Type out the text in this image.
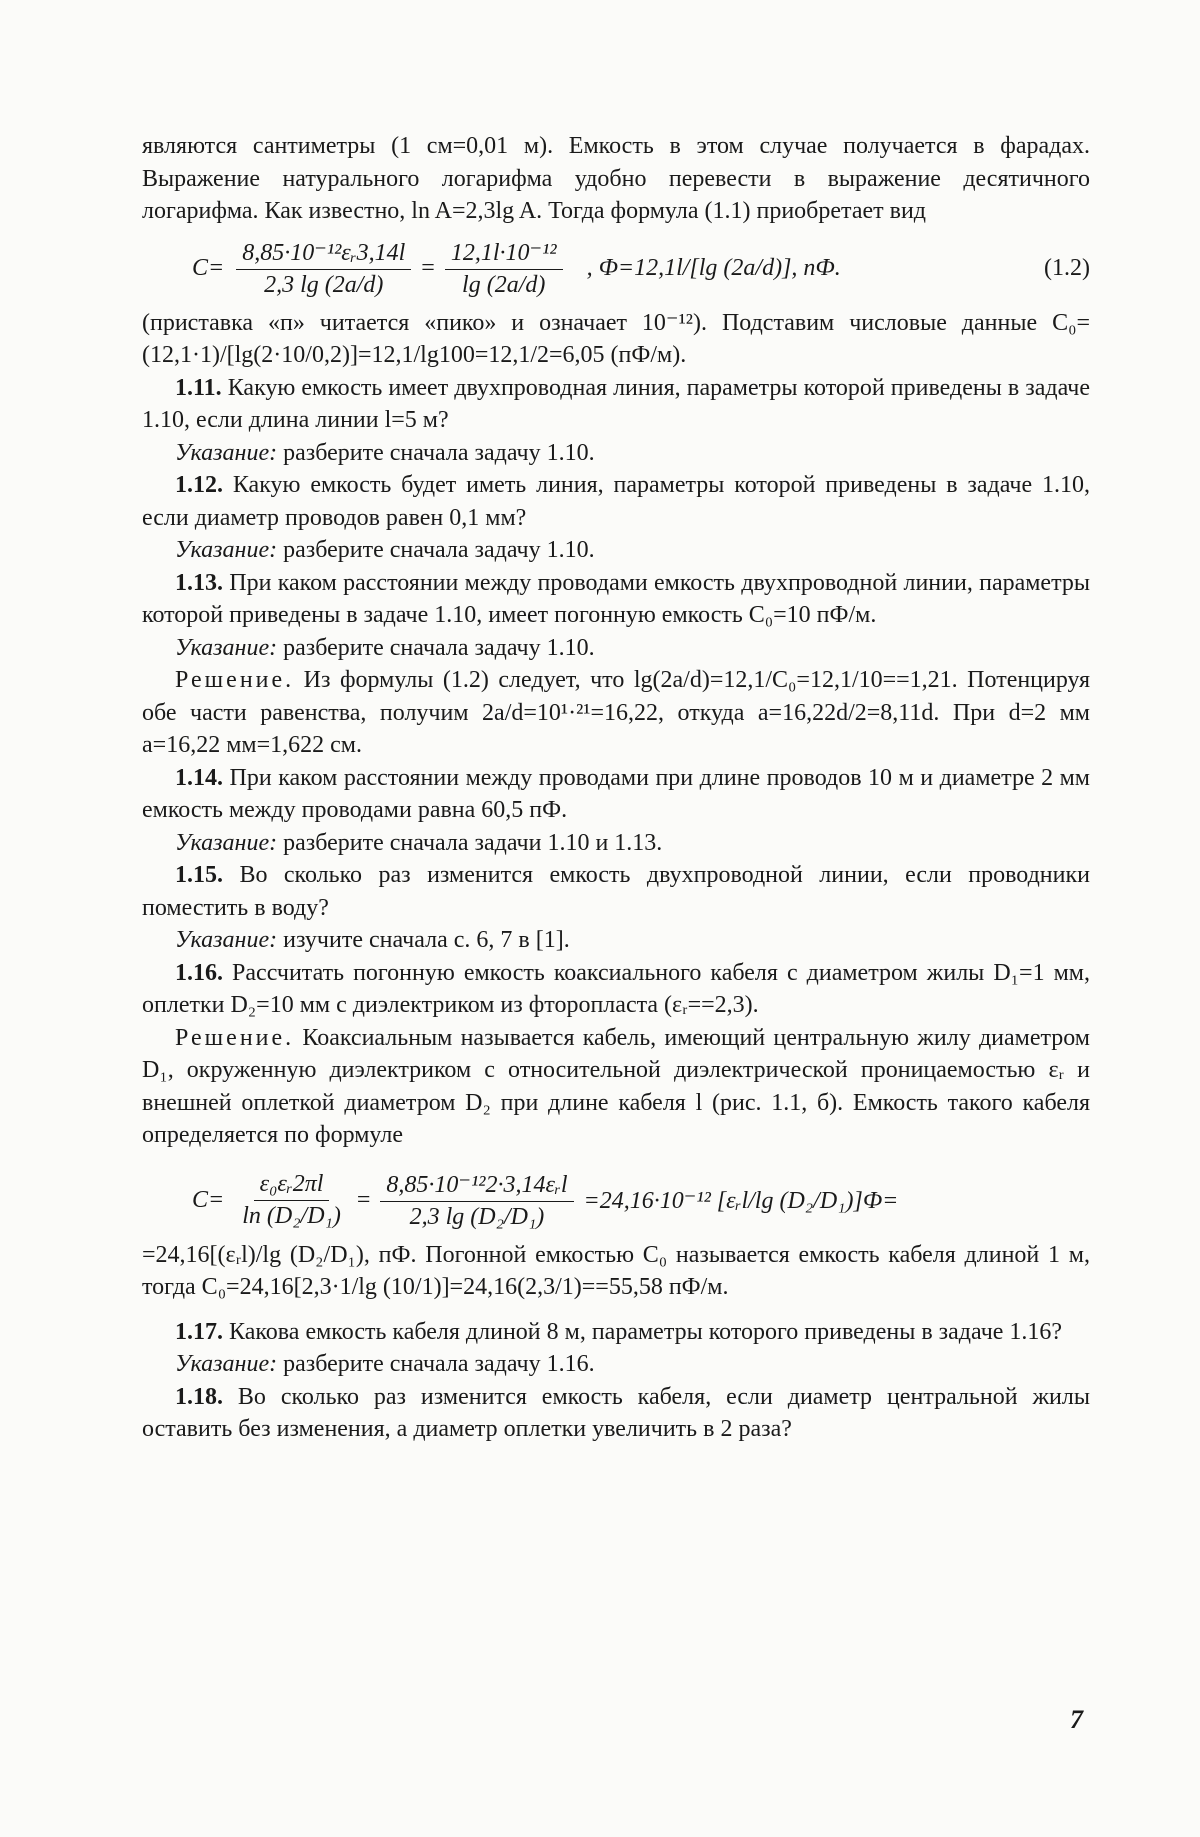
являются сантиметры (1 см=0,01 м). Емкость в этом случае получается в фарадах. Выражение натурального логарифма удобно перевести в выражение десятичного логарифма. Как известно, ln A=2,3lg A. Тогда формула (1.1) приобретает вид

$C= \frac{\text{8,85·10⁻¹²εᵣ3,14l}}{2,3 \lg (2a/d)} = \frac{\text{12,1l·10⁻¹²}}{\lg (2a/d)}$ , Ф=12,1l/[lg (2a/d)], пФ.	(1.2)

(приставка «п» читается «пико» и означает 10⁻¹²). Подставим числовые данные C₀=(12,1·1)/[lg(2·10/0,2)]=12,1/lg100=12,1/2=6,05 (пФ/м).

1.11. Какую емкость имеет двухпроводная линия, параметры которой приведены в задаче 1.10, если длина линии l=5 м?

Указание: разберите сначала задачу 1.10.

1.12. Какую емкость будет иметь линия, параметры которой приведены в задаче 1.10, если диаметр проводов равен 0,1 мм?

Указание: разберите сначала задачу 1.10.

1.13. При каком расстоянии между проводами емкость двухпроводной линии, параметры которой приведены в задаче 1.10, имеет погонную емкость C₀=10 пФ/м.

Указание: разберите сначала задачу 1.10.

Решение. Из формулы (1.2) следует, что lg(2a/d)=12,1/C₀=12,1/10==1,21. Потенцируя обе части равенства, получим 2a/d=10¹·²¹=16,22, откуда a=16,22d/2=8,11d. При d=2 мм a=16,22 мм=1,622 см.

1.14. При каком расстоянии между проводами при длине проводов 10 м и диаметре 2 мм емкость между проводами равна 60,5 пФ.

Указание: разберите сначала задачи 1.10 и 1.13.

1.15. Во сколько раз изменится емкость двухпроводной линии, если проводники поместить в воду?

Указание: изучите сначала с. 6, 7 в [1].

1.16. Рассчитать погонную емкость коаксиального кабеля с диаметром жилы D₁=1 мм, оплетки D₂=10 мм с диэлектриком из фторопласта (εᵣ==2,3).

Решение. Коаксиальным называется кабель, имеющий центральную жилу диаметром D₁, окруженную диэлектриком с относительной диэлектрической проницаемостью εᵣ и внешней оплеткой диаметром D₂ при длине кабеля l (рис. 1.1, б). Емкость такого кабеля определяется по формуле

$C= \frac{\text{ε₀εᵣ2πl}}{\text{ln (D₂/D₁)}} = \frac{\text{8,85·10⁻¹²2·3,14εᵣl}}{\text{2,3 lg (D₂/D₁)}} =24,16\cdot 10^{-12}$ [εᵣl/lg (D₂/D₁)]Ф=

=24,16[(εᵣl)/lg (D₂/D₁), пФ. Погонной емкостью C₀ называется емкость кабеля длиной 1 м, тогда C₀=24,16[2,3·1/lg (10/1)]=24,16(2,3/1)==55,58 пФ/м.

1.17. Какова емкость кабеля длиной 8 м, параметры которого приведены в задаче 1.16?

Указание: разберите сначала задачу 1.16.

1.18. Во сколько раз изменится емкость кабеля, если диаметр центральной жилы оставить без изменения, а диаметр оплетки увеличить в 2 раза?

7
